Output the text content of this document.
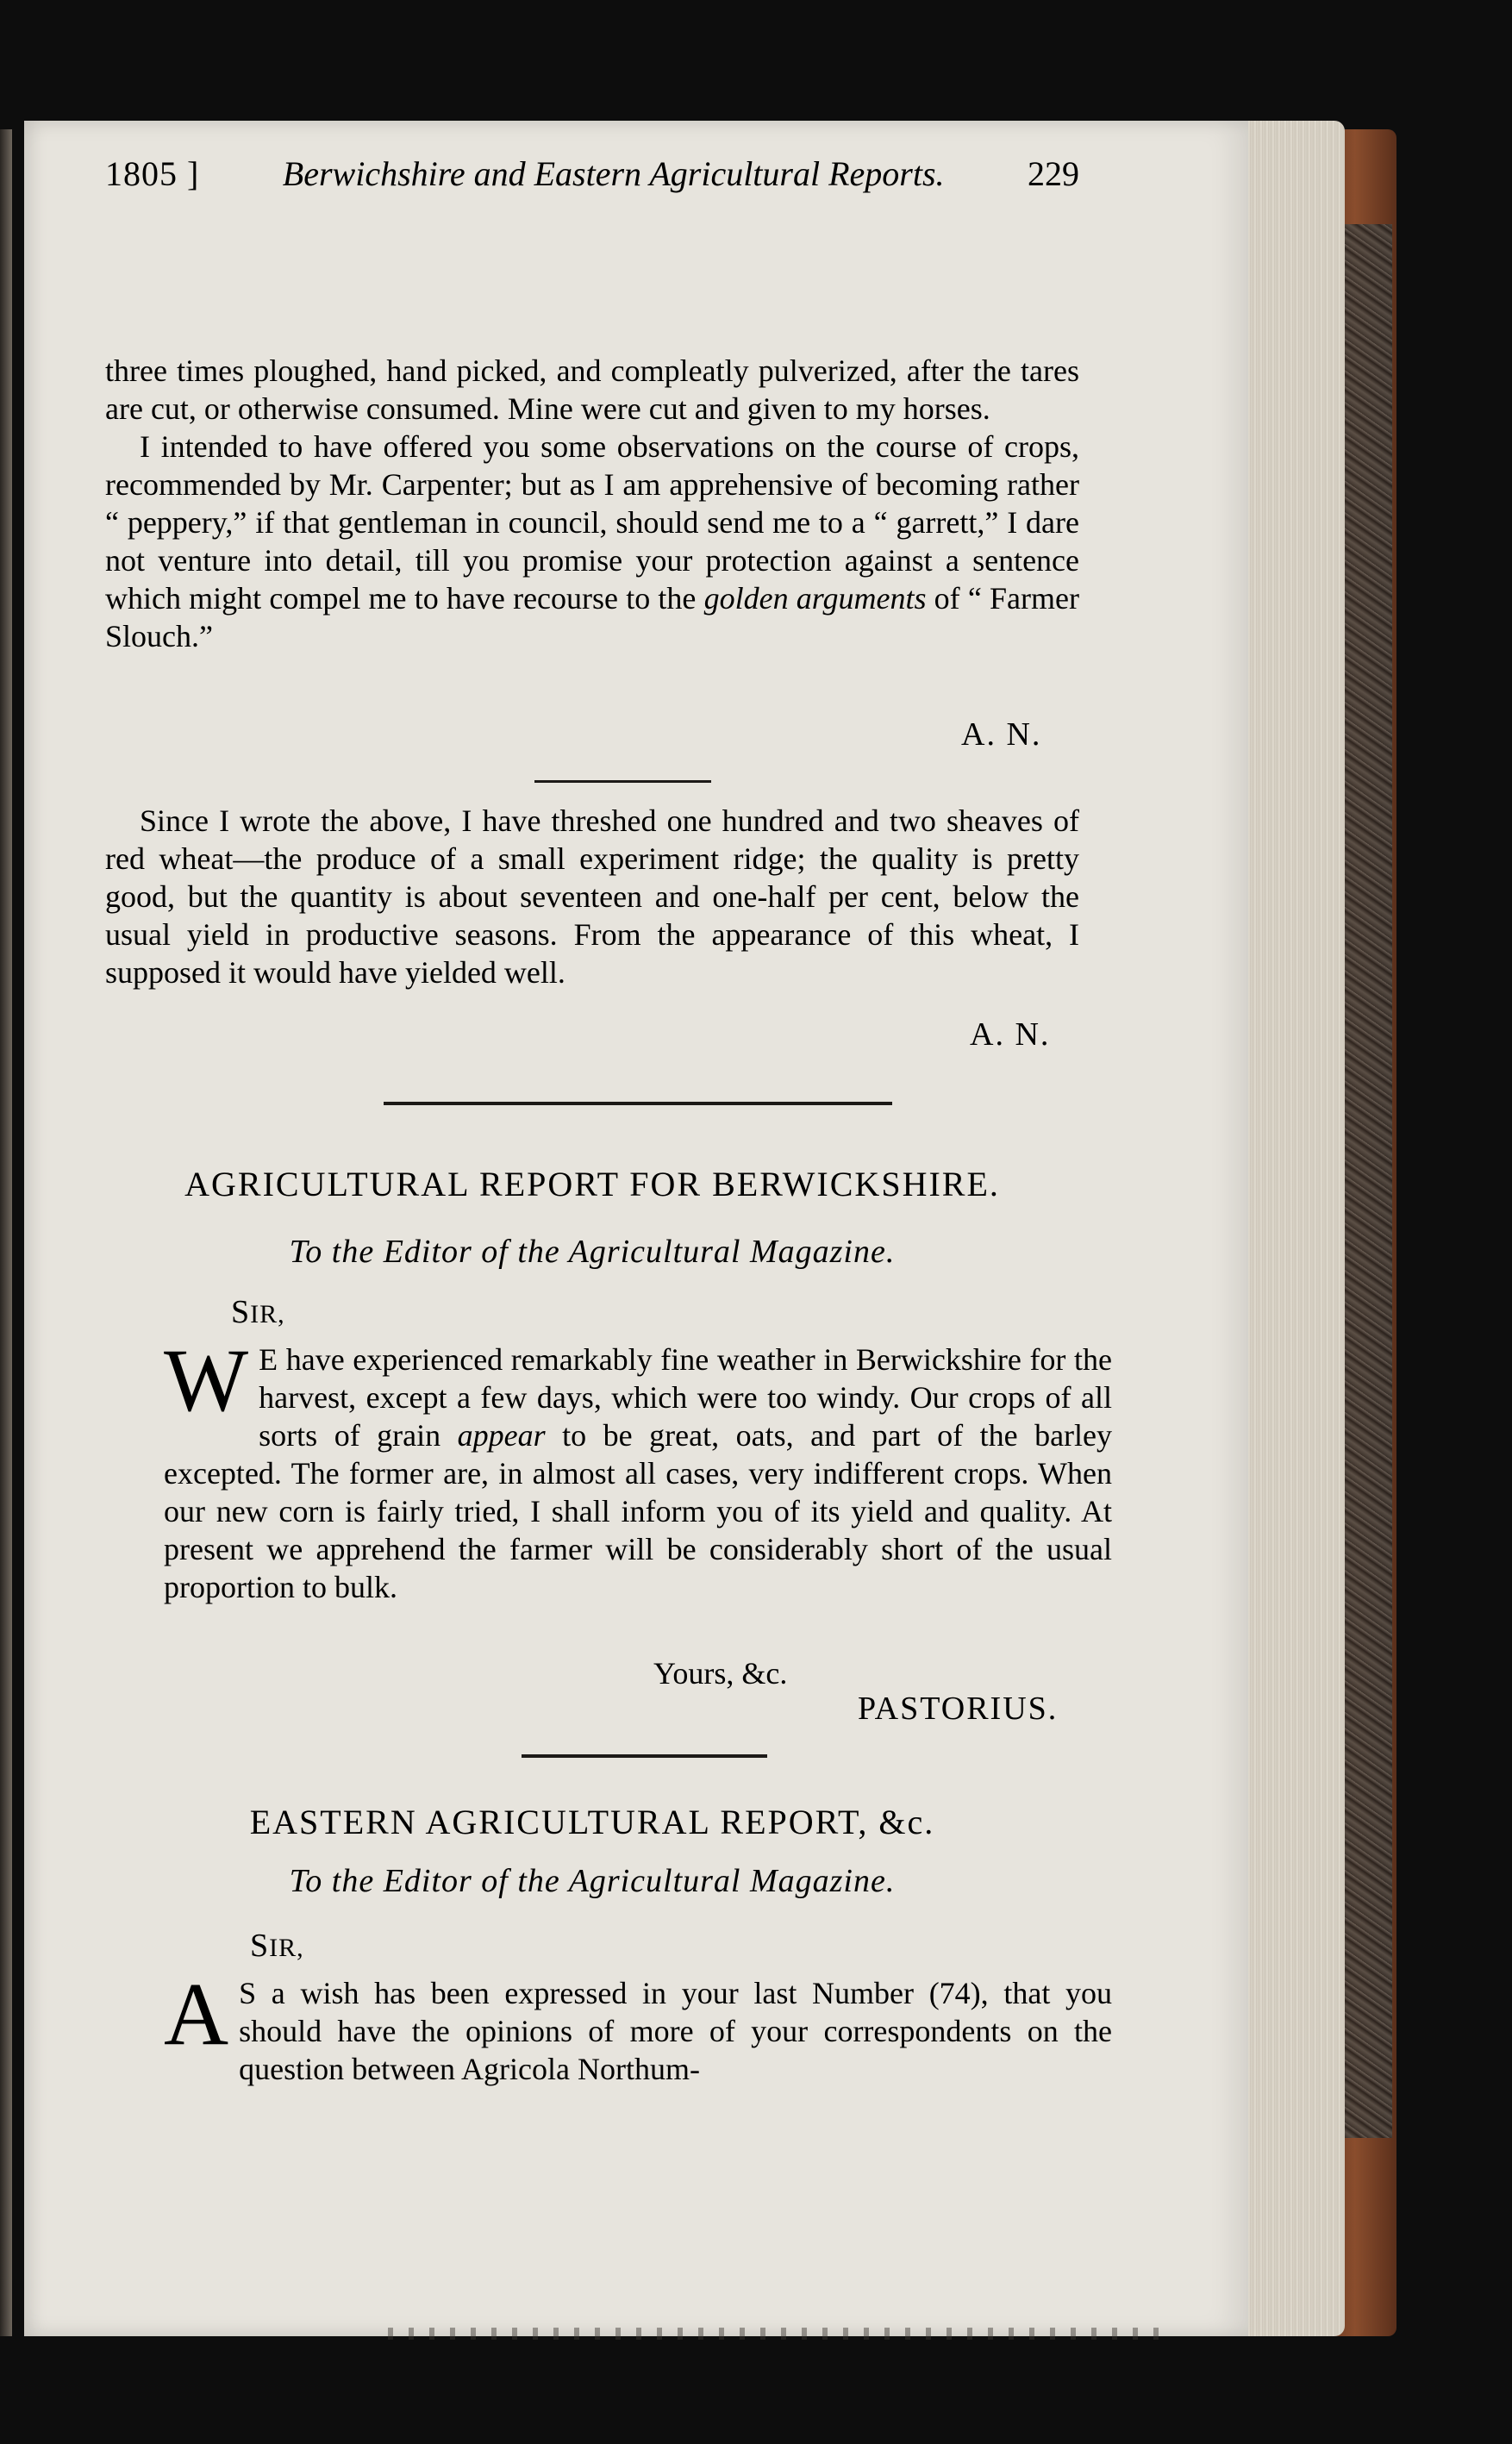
1805 ]	Berwichshire and Eastern Agricultural Reports.	229

three times ploughed, hand picked, and compleatly pulverized, after the tares are cut, or otherwise consumed. Mine were cut and given to my horses.

I intended to have offered you some observations on the course of crops, recommended by Mr. Carpenter; but as I am apprehensive of becoming rather “ peppery,” if that gentleman in council, should send me to a “ garrett,” I dare not venture into detail, till you promise your protection against a sentence which might compel me to have recourse to the golden arguments of “ Farmer Slouch.”

A. N.

Since I wrote the above, I have threshed one hundred and two sheaves of red wheat—the produce of a small experiment ridge; the quality is pretty good, but the quantity is about seventeen and one-half per cent, below the usual yield in productive seasons. From the appearance of this wheat, I supposed it would have yielded well.

A. N.
AGRICULTURAL REPORT FOR BERWICKSHIRE.
To the Editor of the Agricultural Magazine.
SIR,
W E have experienced remarkably fine weather in Berwickshire for the harvest, except a few days, which were too windy. Our crops of all sorts of grain appear to be great, oats, and part of the barley excepted. The former are, in almost all cases, very indifferent crops. When our new corn is fairly tried, I shall inform you of its yield and quality. At present we apprehend the farmer will be considerably short of the usual proportion to bulk.
Yours, &c.
PASTORIUS.
EASTERN AGRICULTURAL REPORT, &c.
To the Editor of the Agricultural Magazine.
SIR,
A S a wish has been expressed in your last Number (74), that you should have the opinions of more of your correspondents on the question between Agricola Northum-
